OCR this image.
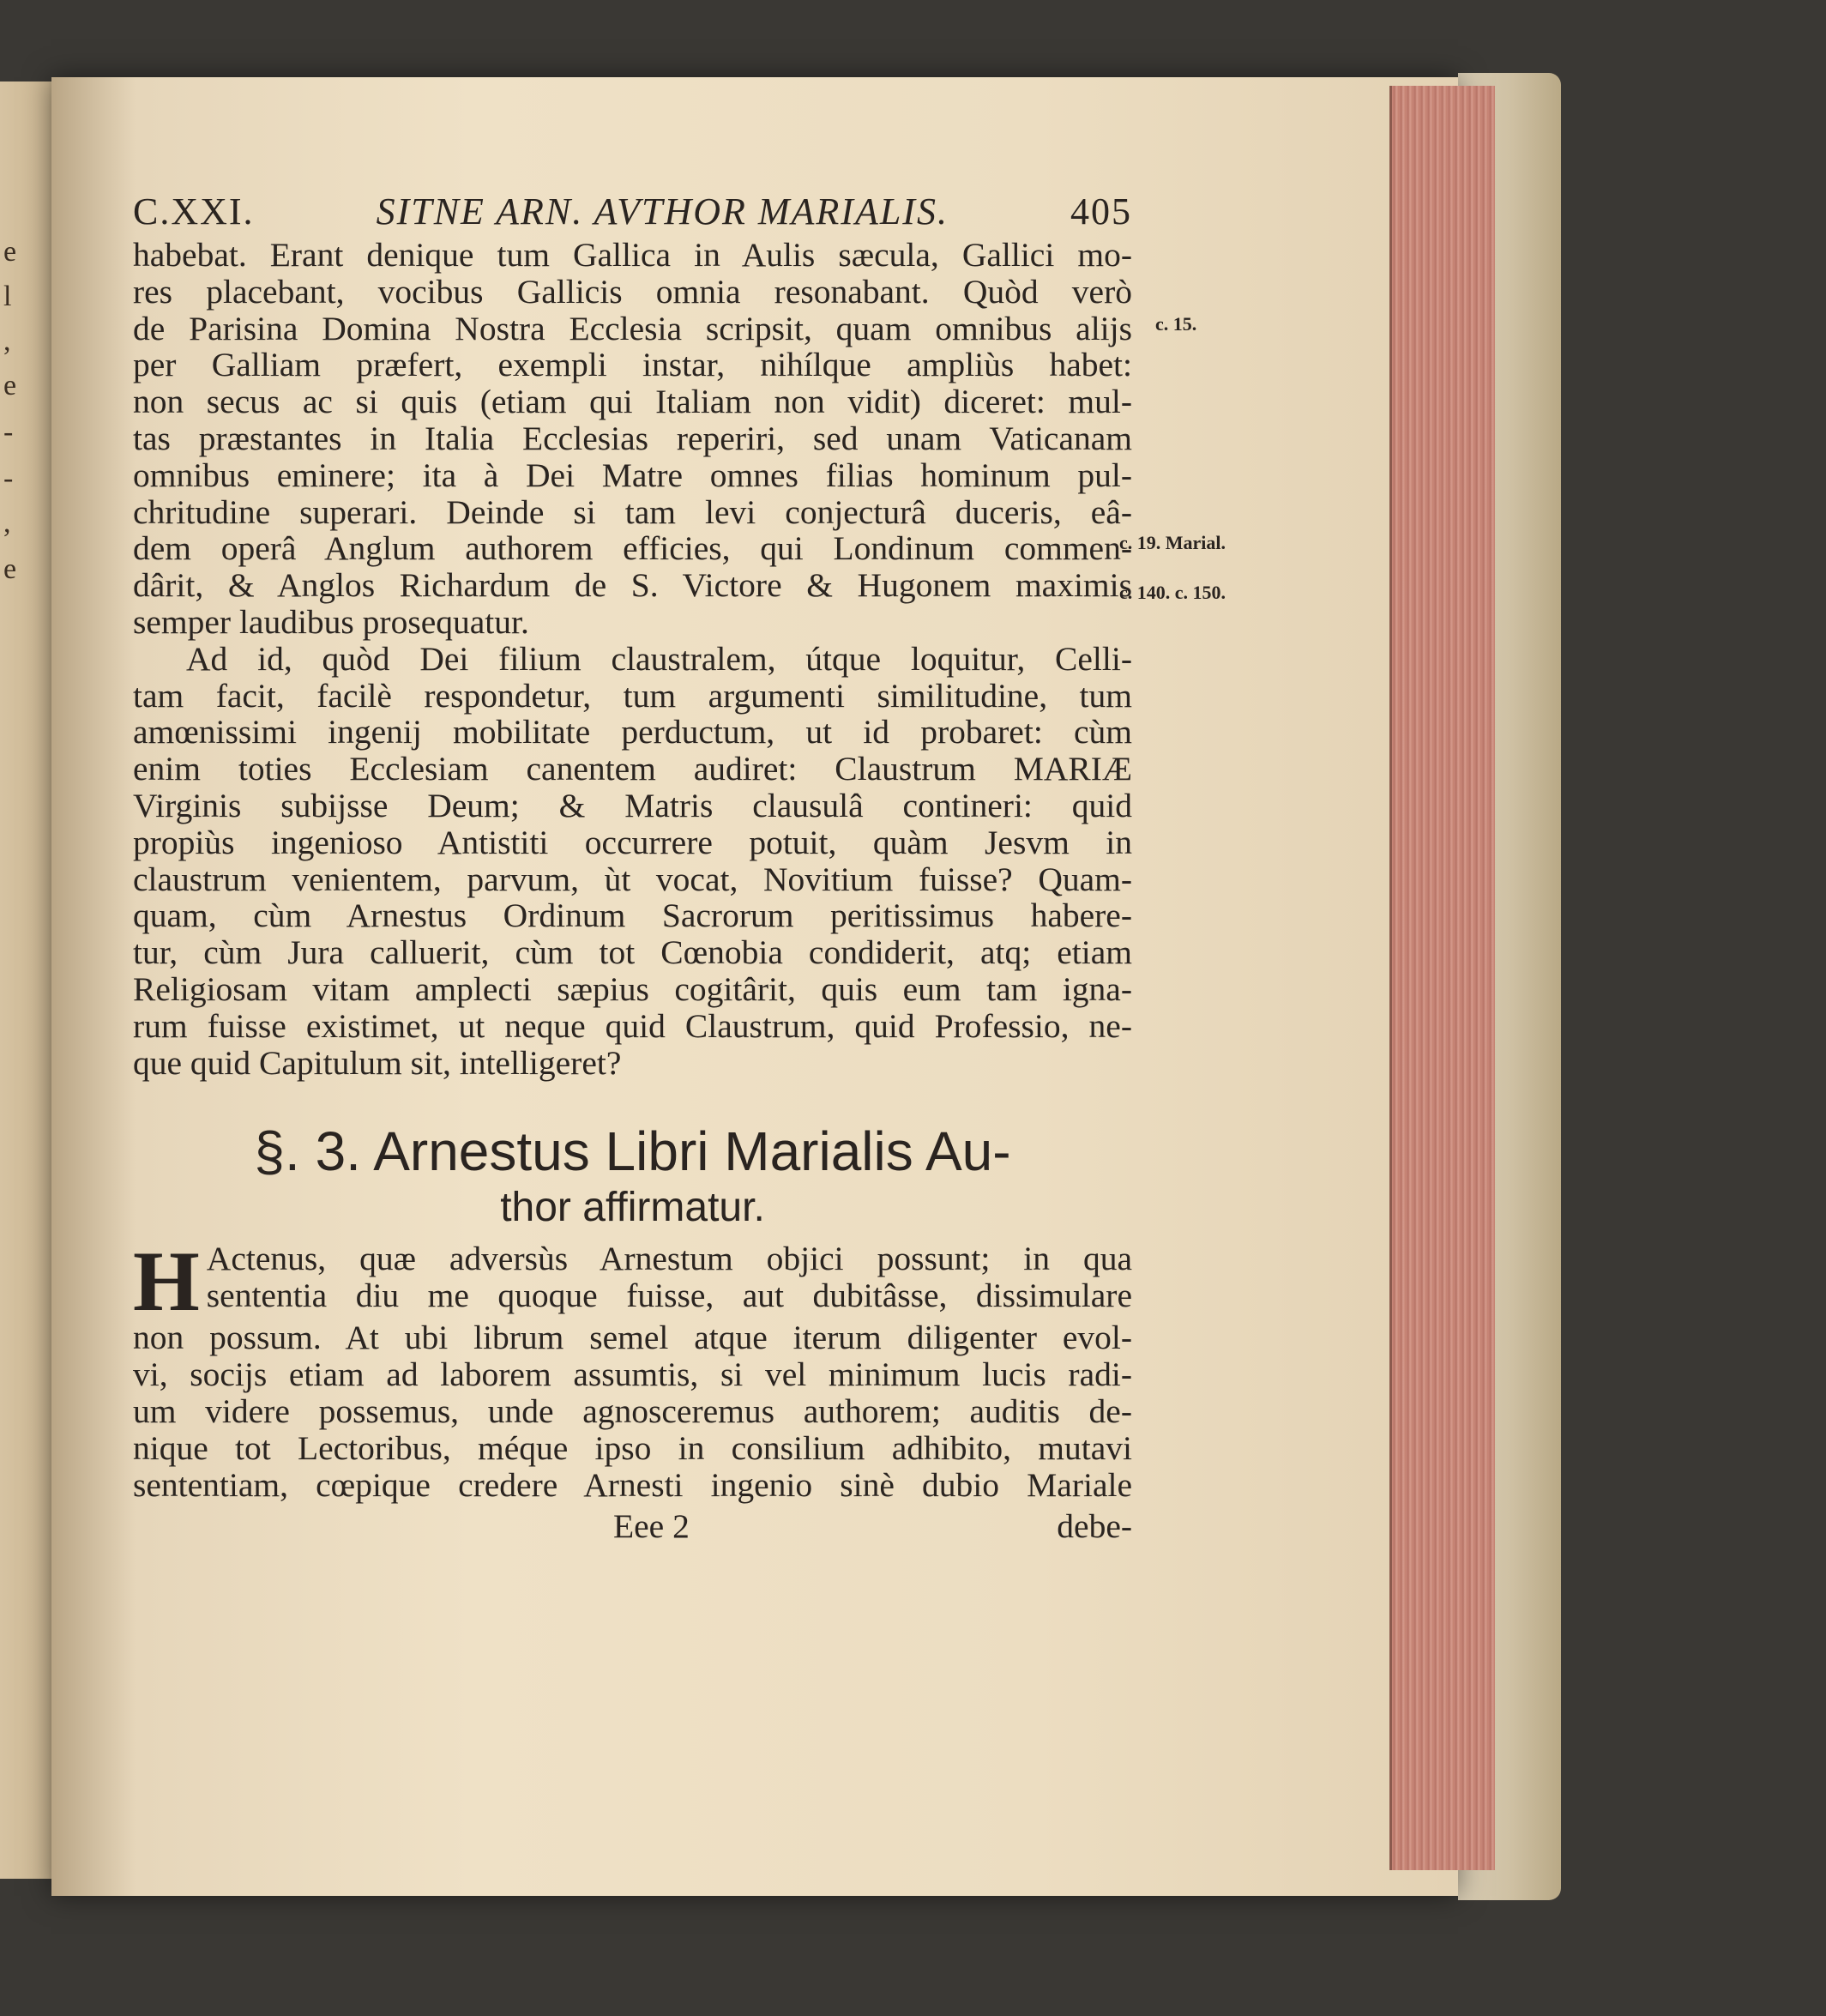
e
l
,
e
-
-
,
e
C.XXI.	SITNE ARN. AVTHOR MARIALIS.	405
habebat. Erant denique tum Gallica in Aulis sæcula, Gallici mo-
res placebant, vocibus Gallicis omnia resonabant. Quòd verò
de Parisina Domina Nostra Ecclesia scripsit, quam omnibus alijs
per Galliam præfert, exempli instar, nihílque ampliùs habet:
non secus ac si quis (etiam qui Italiam non vidit) diceret: mul-
tas præstantes in Italia Ecclesias reperiri, sed unam Vaticanam
omnibus eminere; ita à Dei Matre omnes filias hominum pul-
chritudine superari. Deinde si tam levi conjecturâ duceris, eâ-
dem operâ Anglum authorem efficies, qui Londinum commen-
dârit, & Anglos Richardum de S. Victore & Hugonem maximis
semper laudibus prosequatur.
Ad id, quòd Dei filium claustralem, útque loquitur, Celli-
tam facit, facilè respondetur, tum argumenti similitudine, tum
amœnissimi ingenij mobilitate perductum, ut id probaret: cùm
enim toties Ecclesiam canentem audiret: Claustrum MARIÆ
Virginis subijsse Deum; & Matris clausulâ contineri: quid
propiùs ingenioso Antistiti occurrere potuit, quàm Jesvm in
claustrum venientem, parvum, ùt vocat, Novitium fuisse? Quam-
quam, cùm Arnestus Ordinum Sacrorum peritissimus habere-
tur, cùm Jura calluerit, cùm tot Cœnobia condiderit, atq; etiam
Religiosam vitam amplecti sæpius cogitârit, quis eum tam igna-
rum fuisse existimet, ut neque quid Claustrum, quid Professio, ne-
que quid Capitulum sit, intelligeret?
§. 3. Arnestus Libri Marialis Au-
thor affirmatur.
H Actenus, quæ adversùs Arnestum objici possunt; in qua
sententia diu me quoque fuisse, aut dubitâsse, dissimulare
non possum. At ubi librum semel atque iterum diligenter evol-
vi, socijs etiam ad laborem assumtis, si vel minimum lucis radi-
um videre possemus, unde agnosceremus authorem; auditis de-
nique tot Lectoribus, méque ipso in consilium adhibito, mutavi
sententiam, cœpique credere Arnesti ingenio sinè dubio Mariale
Eee 2	debe-
c. 15.
c. 19. Marial.
c. 140. c. 150.
